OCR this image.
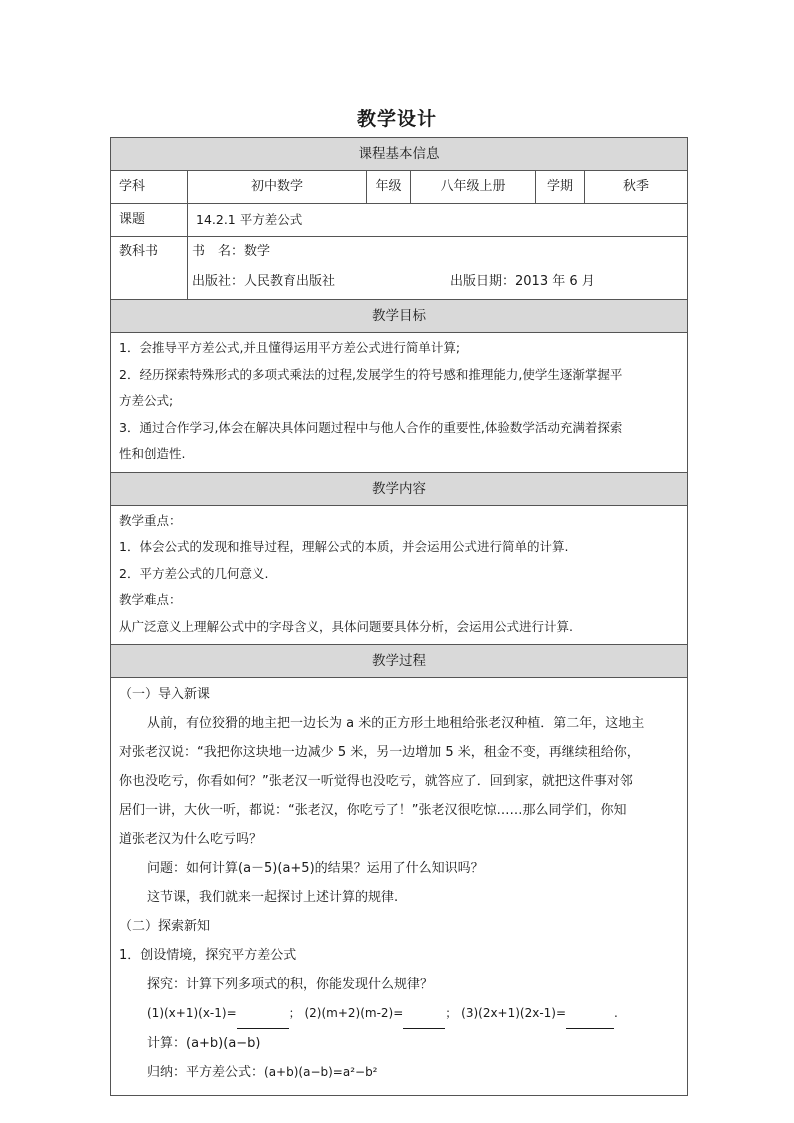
教学设计
课程基本信息
学科	初中数学	年级	八年级上册	学期	秋季
课题	14.2.1 平方差公式
教科书	书　名：数学
出版社：人民教育出版社	出版日期：2013 年 6 月
教学目标
1．会推导平方差公式,并且懂得运用平方差公式进行简单计算;
2．经历探索特殊形式的多项式乘法的过程,发展学生的符号感和推理能力,使学生逐渐掌握平
方差公式;
3．通过合作学习,体会在解决具体问题过程中与他人合作的重要性,体验数学活动充满着探索
性和创造性.
教学内容
教学重点：
1．体会公式的发现和推导过程，理解公式的本质，并会运用公式进行简单的计算.
2．平方差公式的几何意义.
教学难点：
从广泛意义上理解公式中的字母含义，具体问题要具体分析，会运用公式进行计算.
教学过程
（一）导入新课
从前，有位狡猾的地主把一边长为 a 米的正方形土地租给张老汉种植．第二年，这地主
对张老汉说：“我把你这块地一边减少 5 米，另一边增加 5 米，租金不变，再继续租给你，
你也没吃亏，你看如何？”张老汉一听觉得也没吃亏，就答应了．回到家，就把这件事对邻
居们一讲，大伙一听，都说：“张老汉，你吃亏了！”张老汉很吃惊……那么同学们，你知
道张老汉为什么吃亏吗？
问题：如何计算(a－5)(a+5)的结果？运用了什么知识吗？
这节课，我们就来一起探讨上述计算的规律.
（二）探索新知
1．创设情境，探究平方差公式
探究：计算下列多项式的积，你能发现什么规律？
(1)(x+1)(x-1)=	； (2)(m+2)(m-2)=	； (3)(2x+1)(2x-1)=	.
计算：(a+b)(a−b)
归纳：平方差公式：(a+b)(a−b)=a²−b²
